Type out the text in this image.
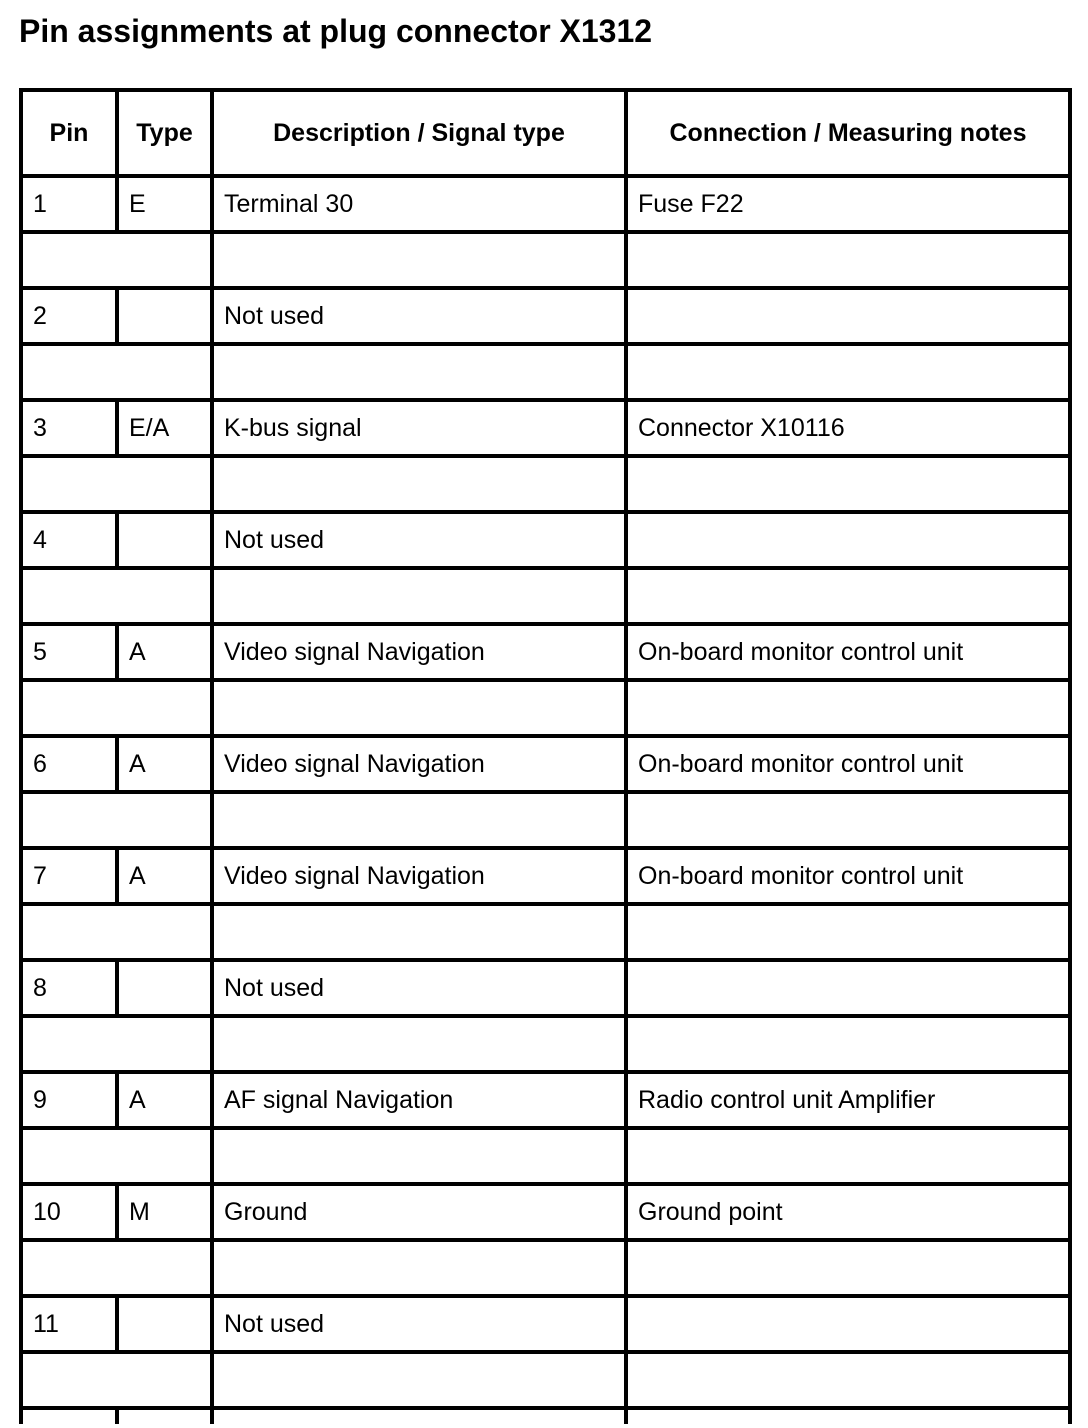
Pin assignments at plug connector X1312
Pin	Type	Description / Signal type	Connection / Measuring notes
1	E	Terminal 30	Fuse F22

2		Not used	

3	E/A	K-bus signal	Connector X10116

4		Not used	

5	A	Video signal Navigation	On-board monitor control unit

6	A	Video signal Navigation	On-board monitor control unit

7	A	Video signal Navigation	On-board monitor control unit

8		Not used	

9	A	AF signal Navigation	Radio control unit Amplifier

10	M	Ground	Ground point

11		Not used	
